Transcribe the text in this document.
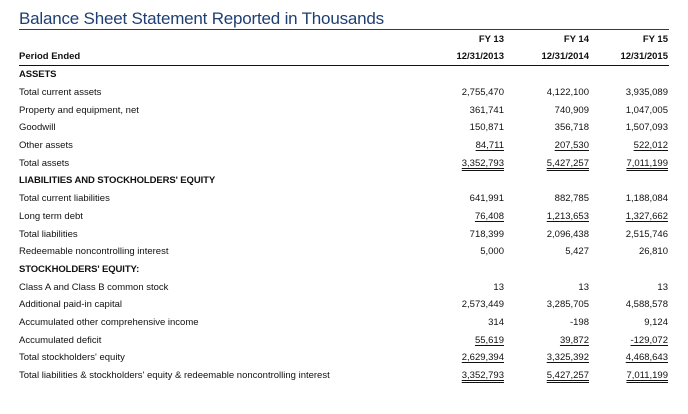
Balance Sheet Statement Reported in Thousands
	FY 13	FY 14	FY 15
Period Ended	12/31/2013	12/31/2014	12/31/2015
ASSETS			
Total current assets	2,755,470	4,122,100	3,935,089
Property and equipment, net	361,741	740,909	1,047,005
Goodwill	150,871	356,718	1,507,093
Other assets	84,711	207,530	522,012
Total assets	3,352,793	5,427,257	7,011,199
LIABILITIES AND STOCKHOLDERS' EQUITY			
Total current liabilities	641,991	882,785	1,188,084
Long term debt	76,408	1,213,653	1,327,662
Total liabilities	718,399	2,096,438	2,515,746
Redeemable noncontrolling interest	5,000	5,427	26,810
STOCKHOLDERS' EQUITY:			
Class A and Class B common stock	13	13	13
Additional paid-in capital	2,573,449	3,285,705	4,588,578
Accumulated other comprehensive income	314	-198	9,124
Accumulated deficit	55,619	39,872	-129,072
Total stockholders' equity	2,629,394	3,325,392	4,468,643
Total liabilities & stockholders' equity & redeemable noncontrolling interest	3,352,793	5,427,257	7,011,199
